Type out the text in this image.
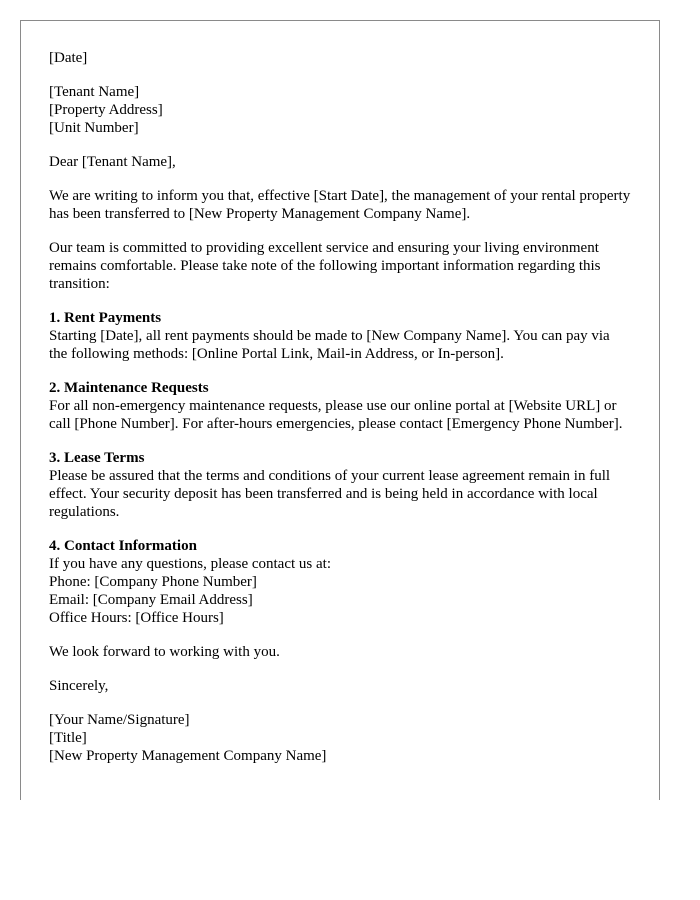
[Date]
[Tenant Name]
[Property Address]
[Unit Number]
Dear [Tenant Name],
We are writing to inform you that, effective [Start Date], the management of your rental property has been transferred to [New Property Management Company Name].
Our team is committed to providing excellent service and ensuring your living environment remains comfortable. Please take note of the following important information regarding this transition:
1. Rent Payments
Starting [Date], all rent payments should be made to [New Company Name]. You can pay via the following methods: [Online Portal Link, Mail-in Address, or In-person].
2. Maintenance Requests
For all non-emergency maintenance requests, please use our online portal at [Website URL] or call [Phone Number]. For after-hours emergencies, please contact [Emergency Phone Number].
3. Lease Terms
Please be assured that the terms and conditions of your current lease agreement remain in full effect. Your security deposit has been transferred and is being held in accordance with local regulations.
4. Contact Information
If you have any questions, please contact us at:
Phone: [Company Phone Number]
Email: [Company Email Address]
Office Hours: [Office Hours]
We look forward to working with you.
Sincerely,
[Your Name/Signature]
[Title]
[New Property Management Company Name]
